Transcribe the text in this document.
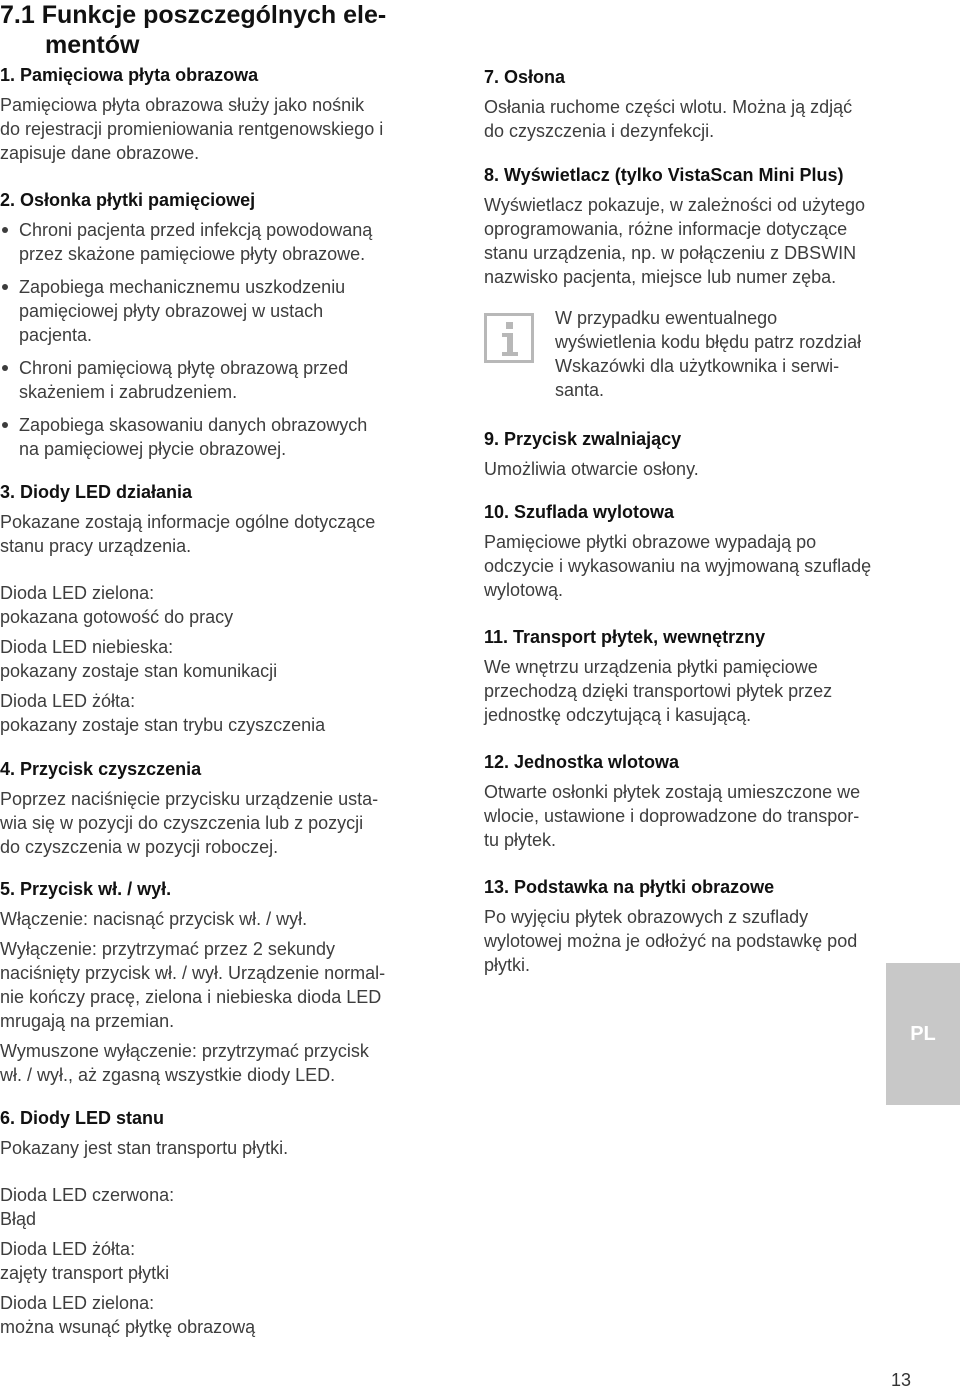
7.1 Funkcje poszczególnych ele-
mentów

1. Pamięciowa płyta obrazowa

Pamięciowa płyta obrazowa służy jako nośnik

do rejestracji promieniowania rentgenowskiego i

zapisuje dane obrazowe.

2. Osłonka płytki pamięciowej

Chroni pacjenta przed infekcją powodowaną
przez skażone pamięciowe płyty obrazowe.
Zapobiega mechanicznemu uszkodzeniu
pamięciowej płyty obrazowej w ustach
pacjenta.
Chroni pamięciową płytę obrazową przed
skażeniem i zabrudzeniem.
Zapobiega skasowaniu danych obrazowych
na pamięciowej płycie obrazowej.

3. Diody LED działania

Pokazane zostają informacje ogólne dotyczące

stanu pracy urządzenia.

Dioda LED zielona:

pokazana gotowość do pracy

Dioda LED niebieska:

pokazany zostaje stan komunikacji

Dioda LED żółta:

pokazany zostaje stan trybu czyszczenia

4. Przycisk czyszczenia

Poprzez naciśnięcie przycisku urządzenie usta-

wia się w pozycji do czyszczenia lub z pozycji

do czyszczenia w pozycji roboczej.

5. Przycisk wł. / wył.

Włączenie: nacisnąć przycisk wł. / wył.

Wyłączenie: przytrzymać przez 2 sekundy

naciśnięty przycisk wł. / wył. Urządzenie normal-

nie kończy pracę, zielona i niebieska dioda LED

mrugają na przemian.

Wymuszone wyłączenie: przytrzymać przycisk

wł. / wył., aż zgasną wszystkie diody LED.

6. Diody LED stanu

Pokazany jest stan transportu płytki.

Dioda LED czerwona:

Błąd

Dioda LED żółta:

zajęty transport płytki

Dioda LED zielona:

można wsunąć płytkę obrazową

7. Osłona

Osłania ruchome części wlotu. Można ją zdjąć

do czyszczenia i dezynfekcji.

8. Wyświetlacz (tylko VistaScan Mini Plus)

Wyświetlacz pokazuje, w zależności od użytego

oprogramowania, różne informacje dotyczące

stanu urządzenia, np. w połączeniu z DBSWIN

nazwisko pacjenta, miejsce lub numer zęba.

W przypadku ewentualnego

wyświetlenia kodu błędu patrz rozdział

Wskazówki dla użytkownika i serwi-

santa.

9. Przycisk zwalniający

Umożliwia otwarcie osłony.

10. Szuflada wylotowa

Pamięciowe płytki obrazowe wypadają po

odczycie i wykasowaniu na wyjmowaną szufladę

wylotową.

11. Transport płytek, wewnętrzny

We wnętrzu urządzenia płytki pamięciowe

przechodzą dzięki transportowi płytek przez

jednostkę odczytującą i kasującą.

12. Jednostka wlotowa

Otwarte osłonki płytek zostają umieszczone we

wlocie, ustawione i doprowadzone do transpor-

tu płytek.

13. Podstawka na płytki obrazowe

Po wyjęciu płytek obrazowych z szuflady

wylotowej można je odłożyć na podstawkę pod

płytki.

PL
13
